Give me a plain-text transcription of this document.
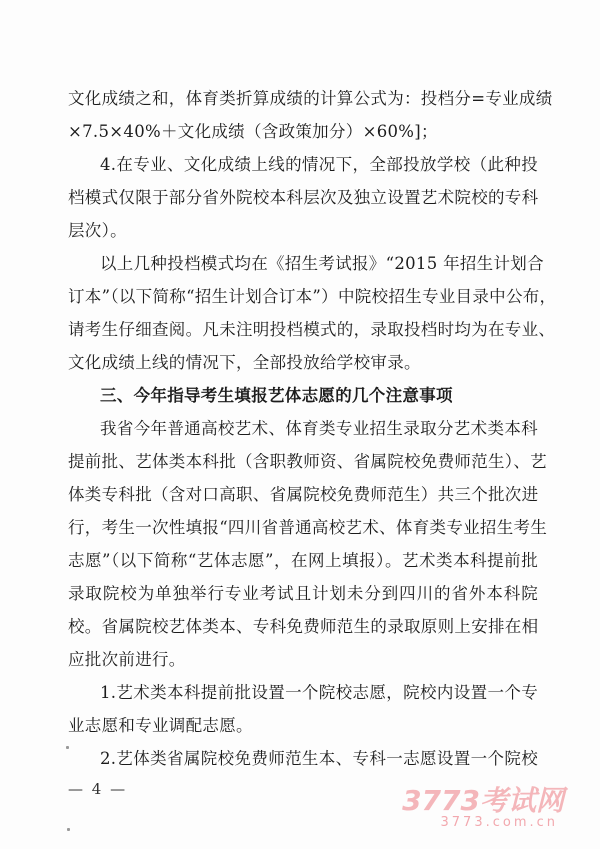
文化成绩之和，体育类折算成绩的计算公式为：投档分=专业成绩
×7.5×40%＋文化成绩（含政策加分）×60%]；
4.在专业、文化成绩上线的情况下，全部投放学校（此种投
档模式仅限于部分省外院校本科层次及独立设置艺术院校的专科
层次）。
以上几种投档模式均在《招生考试报》“2015 年招生计划合
订本”（以下简称“招生计划合订本”）中院校招生专业目录中公布，
请考生仔细查阅。凡未注明投档模式的，录取投档时均为在专业、
文化成绩上线的情况下，全部投放给学校审录。
三、今年指导考生填报艺体志愿的几个注意事项
我省今年普通高校艺术、体育类专业招生录取分艺术类本科
提前批、艺体类本科批（含职教师资、省属院校免费师范生）、艺
体类专科批（含对口高职、省属院校免费师范生）共三个批次进
行，考生一次性填报“四川省普通高校艺术、体育类专业招生考生
志愿”（以下简称“艺体志愿”，在网上填报）。艺术类本科提前批
录取院校为单独举行专业考试且计划未分到四川的省外本科院
校。省属院校艺体类本、专科免费师范生的录取原则上安排在相
应批次前进行。
1.艺术类本科提前批设置一个院校志愿，院校内设置一个专
业志愿和专业调配志愿。
2.艺体类省属院校免费师范生本、专科一志愿设置一个院校
— 4 —	3773考试网
3773.com.cn
